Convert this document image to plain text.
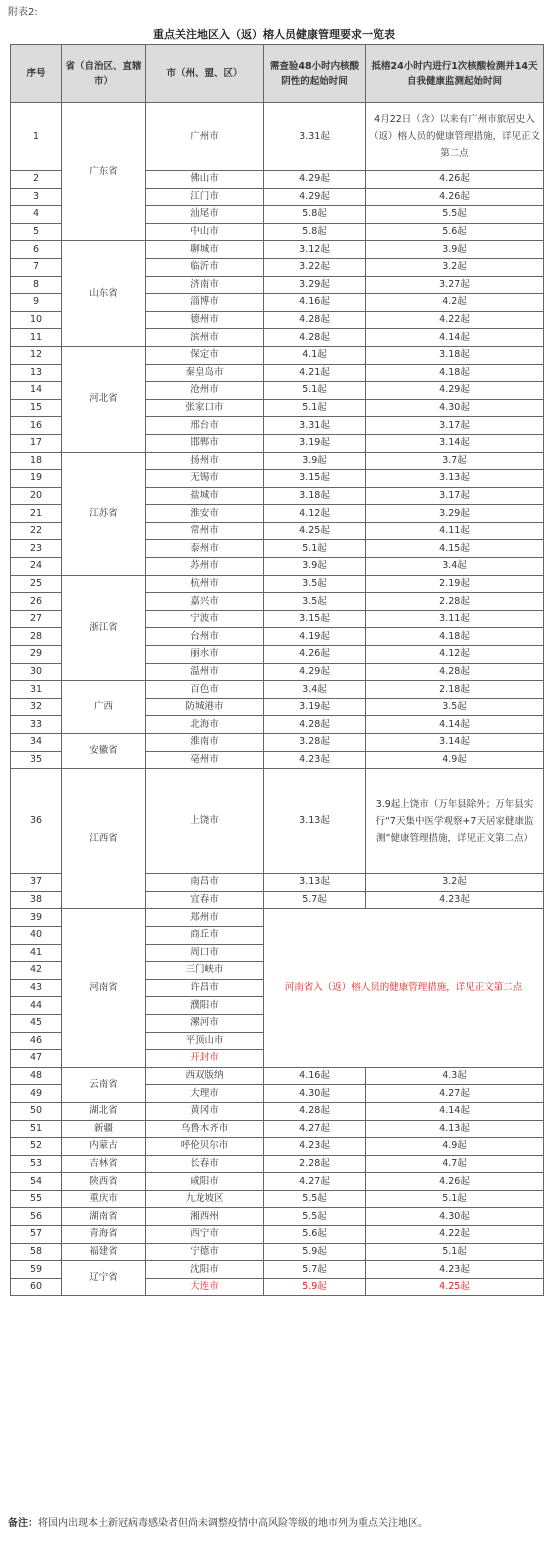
附表2:
重点关注地区入（返）榕人员健康管理要求一览表
序号	省（自治区、直辖市）	市（州、盟、区）	需查验48小时内核酸阴性的起始时间	抵榕24小时内进行1次核酸检测并14天自我健康监测起始时间
1	广东省	广州市	3.31起	4月22日（含）以来有广州市旅居史入（返）榕人员的健康管理措施，详见正文第二点
2		佛山市	4.29起	4.26起
3		江门市	4.29起	4.26起
4		汕尾市	5.8起	5.5起
5		中山市	5.8起	5.6起
6	山东省	聊城市	3.12起	3.9起
7		临沂市	3.22起	3.2起
8		济南市	3.29起	3.27起
9		淄博市	4.16起	4.2起
10		德州市	4.28起	4.22起
11		滨州市	4.28起	4.14起
12	河北省	保定市	4.1起	3.18起
13		秦皇岛市	4.21起	4.18起
14		沧州市	5.1起	4.29起
15		张家口市	5.1起	4.30起
16		邢台市	3.31起	3.17起
17		邯郸市	3.19起	3.14起
18	江苏省	扬州市	3.9起	3.7起
19		无锡市	3.15起	3.13起
20		盐城市	3.18起	3.17起
21		淮安市	4.12起	3.29起
22		常州市	4.25起	4.11起
23		泰州市	5.1起	4.15起
24		苏州市	3.9起	3.4起
25	浙江省	杭州市	3.5起	2.19起
26		嘉兴市	3.5起	2.28起
27		宁波市	3.15起	3.11起
28		台州市	4.19起	4.18起
29		丽水市	4.26起	4.12起
30		温州市	4.29起	4.28起
31	广西	百色市	3.4起	2.18起
32		防城港市	3.19起	3.5起
33		北海市	4.28起	4.14起
34	安徽省	淮南市	3.28起	3.14起
35		亳州市	4.23起	4.9起
36	江西省	上饶市	3.13起	3.9起上饶市（万年县除外；万年县实行“7天集中医学观察+7天居家健康监测”健康管理措施，详见正文第二点）
37		南昌市	3.13起	3.2起
38		宜春市	5.7起	4.23起
39	河南省	郑州市	河南省入（返）榕人员的健康管理措施，详见正文第二点	
40		商丘市		
41		周口市		
42		三门峡市		
43		许昌市		
44		濮阳市		
45		漯河市		
46		平顶山市		
47		开封市		
48	云南省	西双版纳	4.16起	4.3起
49		大理市	4.30起	4.27起
50	湖北省	黄冈市	4.28起	4.14起
51	新疆	乌鲁木齐市	4.27起	4.13起
52	内蒙古	呼伦贝尔市	4.23起	4.9起
53	吉林省	长春市	2.28起	4.7起
54	陕西省	咸阳市	4.27起	4.26起
55	重庆市	九龙坡区	5.5起	5.1起
56	湖南省	湘西州	5.5起	4.30起
57	青海省	西宁市	5.6起	4.22起
58	福建省	宁德市	5.9起	5.1起
59	辽宁省	沈阳市	5.7起	4.23起
60		大连市	5.9起	4.25起
备注：将国内出现本土新冠病毒感染者但尚未调整疫情中高风险等级的地市列为重点关注地区。
